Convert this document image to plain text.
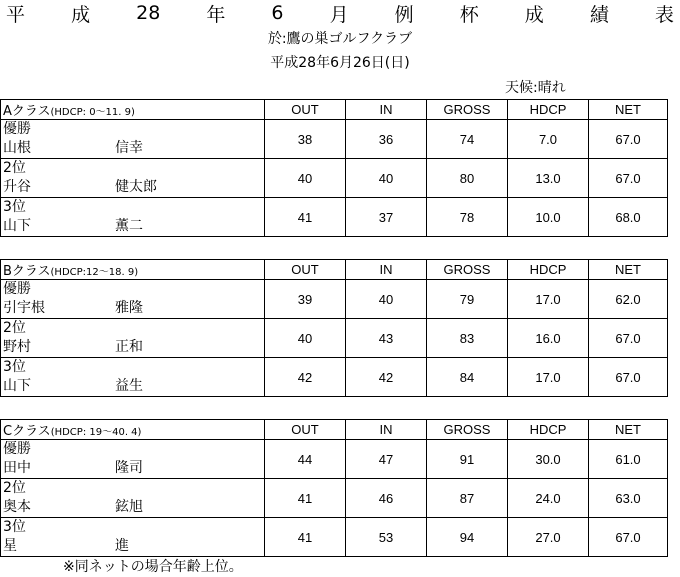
平 成 28 年 6 月 例 杯 成 績 表
於:鷹の巣ゴルフクラブ
平成28年6月26日(日)
天候:晴れ
Aクラス(HDCP: 0〜11. 9)	OUT	IN	GROSS	HDCP	NET

優勝
山根 信幸	38	36	74	7.0	67.0

2位
升谷 健太郎	40	40	80	13.0	67.0

3位
山下 薫二	41	37	78	10.0	68.0
Bクラス(HDCP:12〜18. 9)	OUT	IN	GROSS	HDCP	NET

優勝
引宇根 雅隆	39	40	79	17.0	62.0

2位
野村 正和	40	43	83	16.0	67.0

3位
山下 益生	42	42	84	17.0	67.0
Cクラス(HDCP: 19〜40. 4)	OUT	IN	GROSS	HDCP	NET

優勝
田中 隆司	44	47	91	30.0	61.0

2位
奥本 鉉旭	41	46	87	24.0	63.0

3位
星 進	41	53	94	27.0	67.0
※同ネットの場合年齢上位。
